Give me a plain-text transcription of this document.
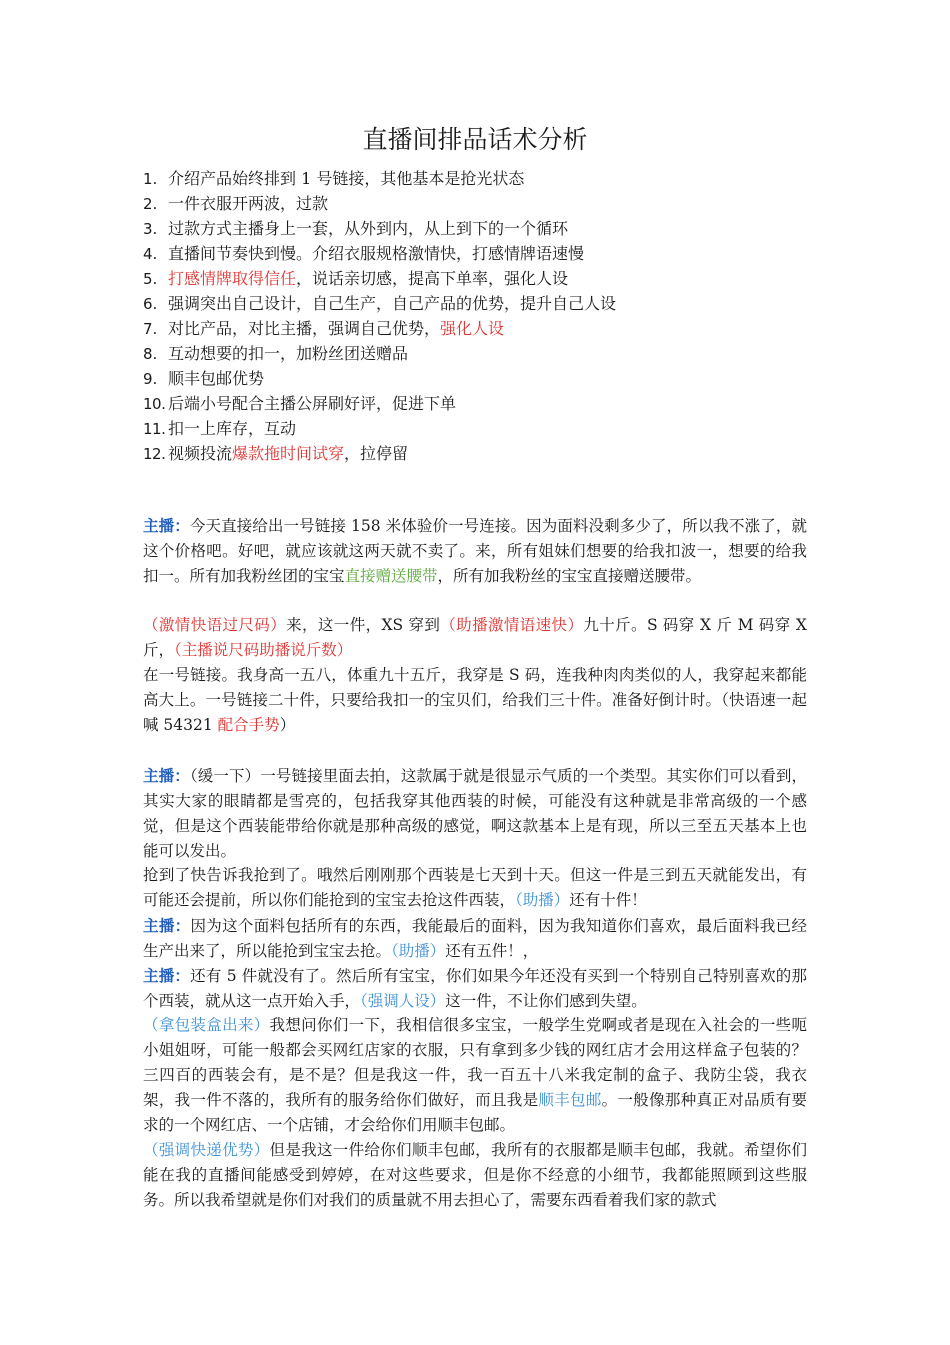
直播间排品话术分析
1. 介绍产品始终排到 1 号链接，其他基本是抢光状态
2. 一件衣服开两波，过款
3. 过款方式主播身上一套，从外到内，从上到下的一个循环
4. 直播间节奏快到慢。介绍衣服规格激情快，打感情牌语速慢
5. 打感情牌取得信任，说话亲切感，提高下单率，强化人设
6. 强调突出自己设计，自己生产，自己产品的优势，提升自己人设
7. 对比产品，对比主播，强调自己优势，强化人设
8. 互动想要的扣一，加粉丝团送赠品
9. 顺丰包邮优势
10. 后端小号配合主播公屏刷好评，促进下单
11. 扣一上库存，互动
12. 视频投流爆款拖时间试穿，拉停留

主播：今天直接给出一号链接 158 米体验价一号连接。因为面料没剩多少了，所以我不涨了，就这个价格吧。好吧，就应该就这两天就不卖了。来，所有姐妹们想要的给我扣波一，想要的给我扣一。所有加我粉丝团的宝宝直接赠送腰带，所有加我粉丝的宝宝直接赠送腰带。

（激情快语过尺码）来，这一件，XS 穿到（助播激情语速快）九十斤。S 码穿 X 斤 M 码穿 X 斤，（主播说尺码助播说斤数）

在一号链接。我身高一五八，体重九十五斤，我穿是 S 码，连我种肉肉类似的人，我穿起来都能高大上。一号链接二十件，只要给我扣一的宝贝们，给我们三十件。准备好倒计时。（快语速一起喊 54321 配合手势）

主播：（缓一下）一号链接里面去拍，这款属于就是很显示气质的一个类型。其实你们可以看到，其实大家的眼睛都是雪亮的，包括我穿其他西装的时候，可能没有这种就是非常高级的一个感觉，但是这个西装能带给你就是那种高级的感觉，啊这款基本上是有现，所以三至五天基本上也能可以发出。

抢到了快告诉我抢到了。哦然后刚刚那个西装是七天到十天。但这一件是三到五天就能发出，有可能还会提前，所以你们能抢到的宝宝去抢这件西装，（助播）还有十件！

主播：因为这个面料包括所有的东西，我能最后的面料，因为我知道你们喜欢，最后面料我已经生产出来了，所以能抢到宝宝去抢。（助播）还有五件！，

主播：还有 5 件就没有了。然后所有宝宝，你们如果今年还没有买到一个特别自己特别喜欢的那个西装，就从这一点开始入手，（强调人设）这一件，不让你们感到失望。

（拿包装盒出来）我想问你们一下，我相信很多宝宝，一般学生党啊或者是现在入社会的一些呃小姐姐呀，可能一般都会买网红店家的衣服，只有拿到多少钱的网红店才会用这样盒子包装的？三四百的西装会有，是不是？但是我这一件，我一百五十八米我定制的盒子、我防尘袋，我衣架，我一件不落的，我所有的服务给你们做好，而且我是顺丰包邮。一般像那种真正对品质有要求的一个网红店、一个店铺，才会给你们用顺丰包邮。

（强调快递优势）但是我这一件给你们顺丰包邮，我所有的衣服都是顺丰包邮，我就。希望你们能在我的直播间能感受到婷婷，在对这些要求，但是你不经意的小细节，我都能照顾到这些服务。所以我希望就是你们对我们的质量就不用去担心了，需要东西看着我们家的款式
